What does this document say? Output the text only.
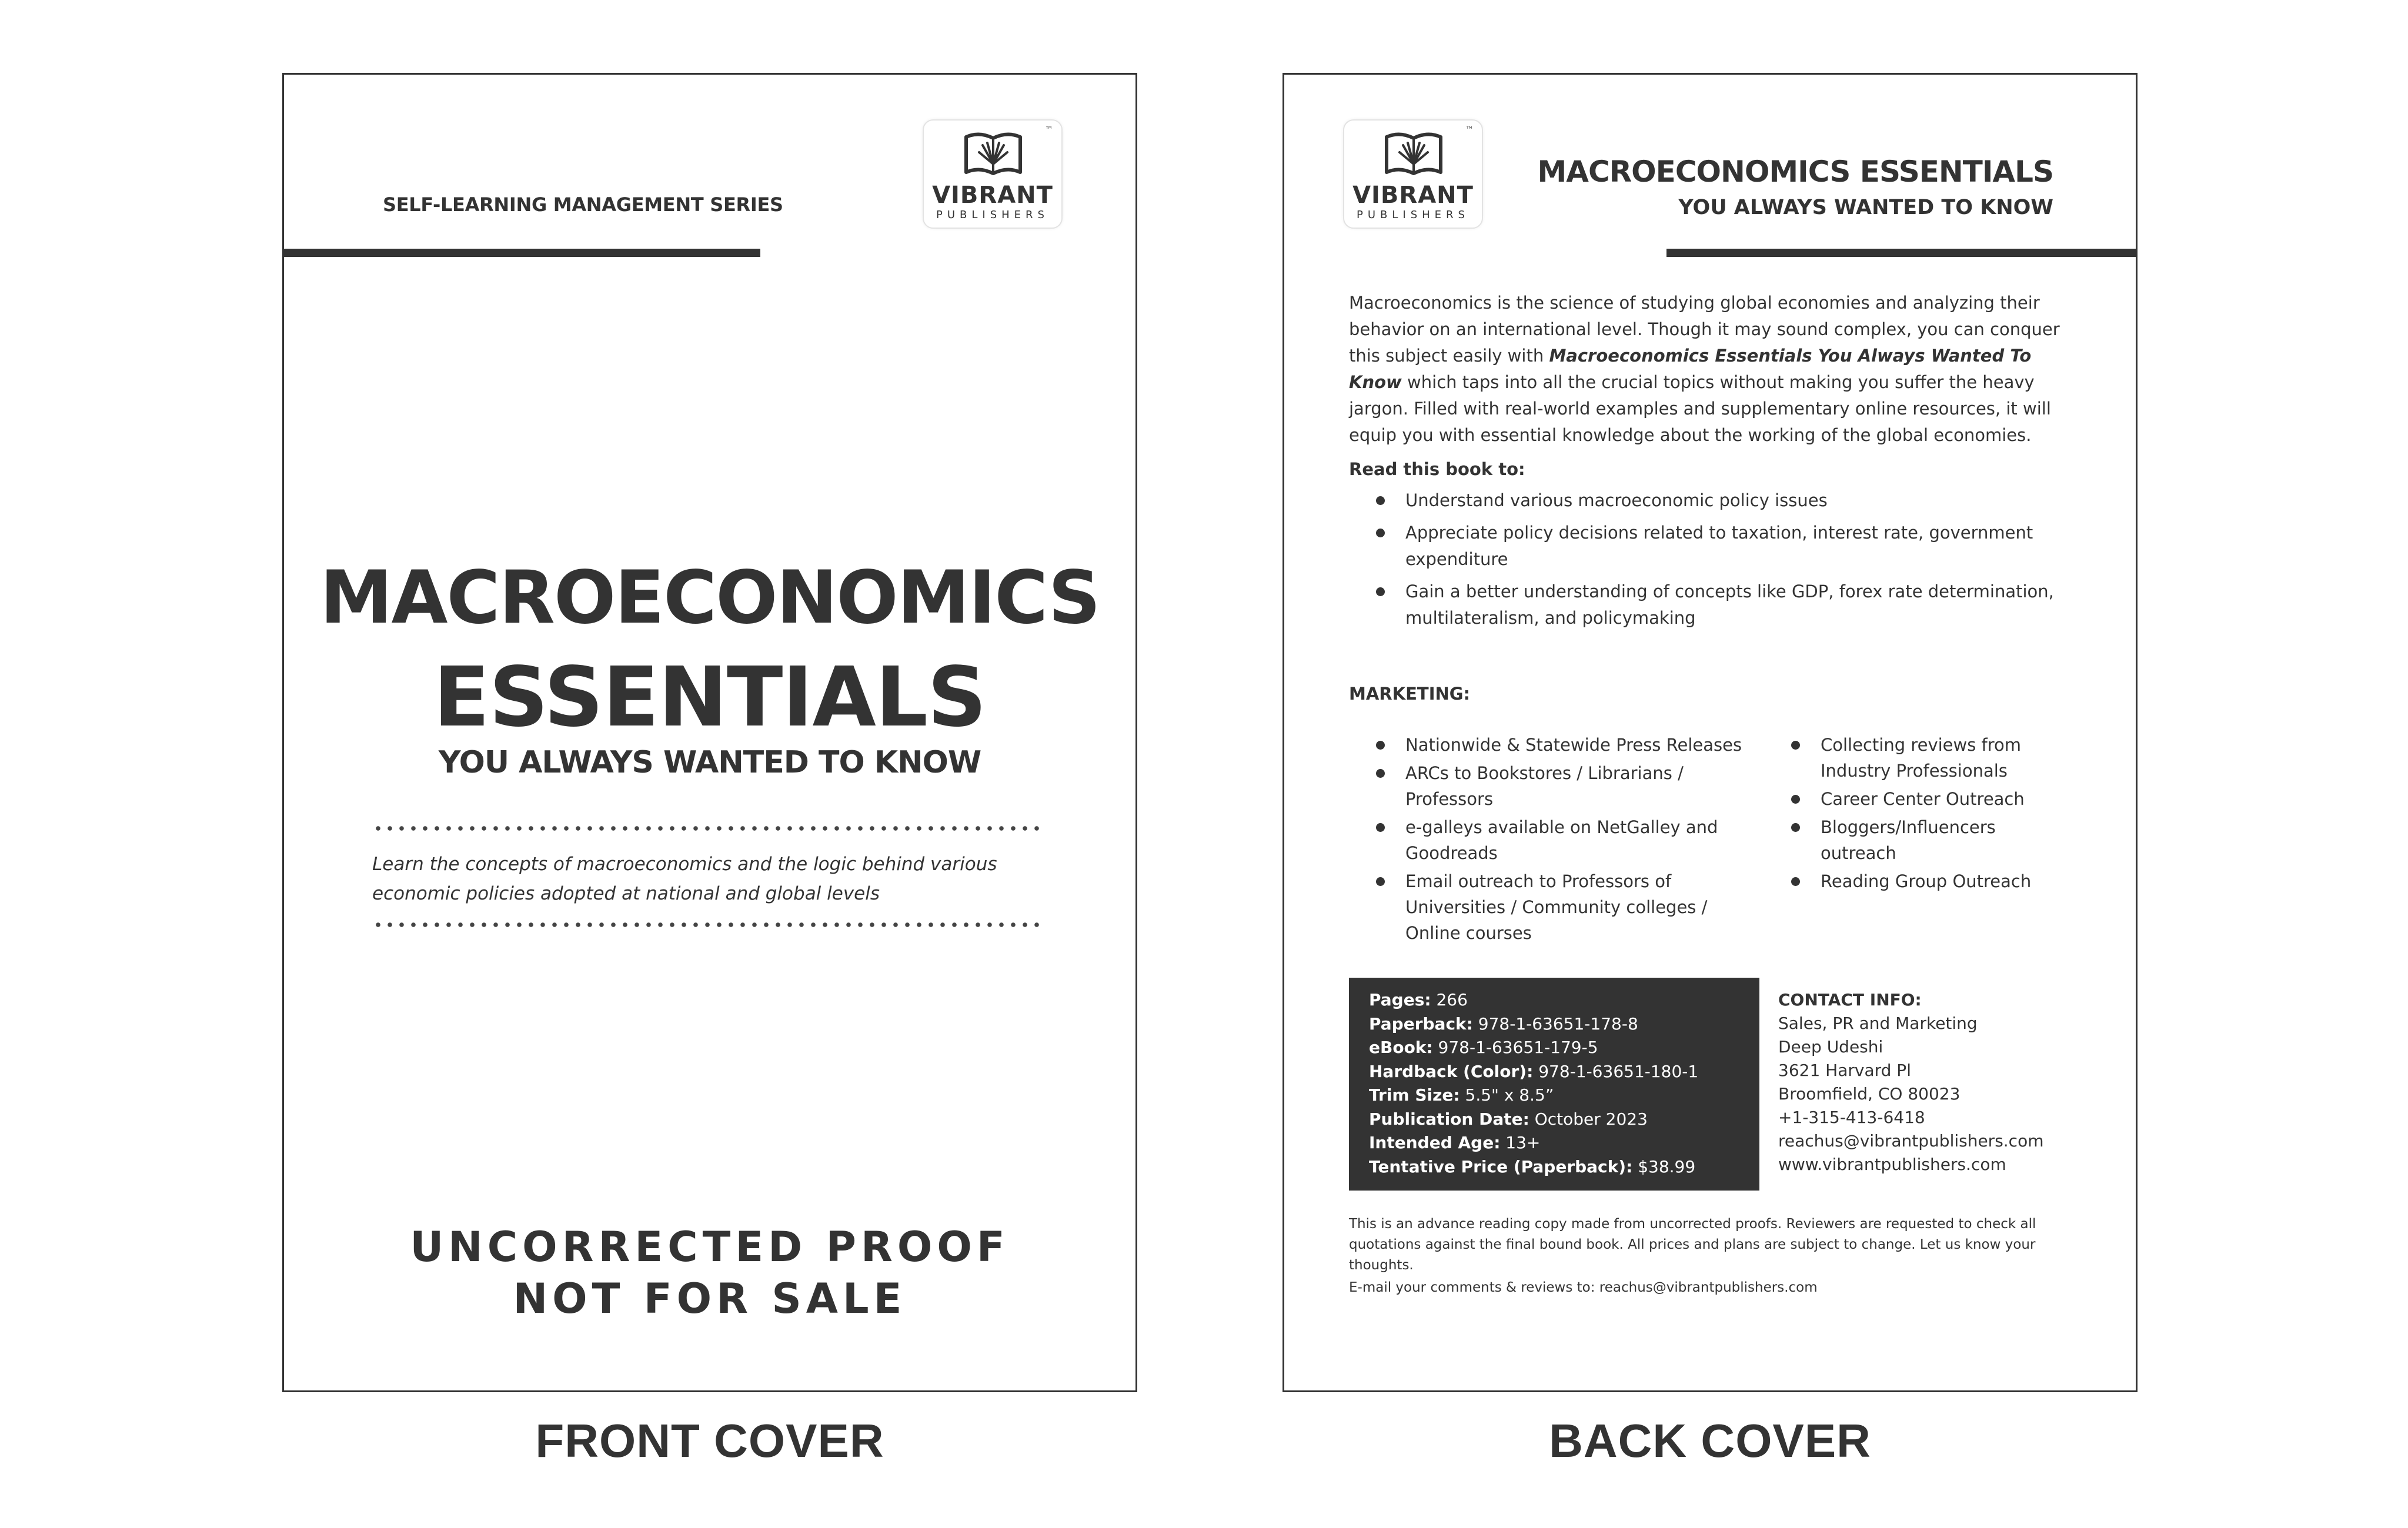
SELF-LEARNING MANAGEMENT SERIES
™
VIBRANT
PUBLISHERS
MACROECONOMICS
ESSENTIALS
YOU ALWAYS WANTED TO KNOW
Learn the concepts of macroeconomics and the logic behind various
economic policies adopted at national and global levels
UNCORRECTED PROOF
NOT FOR SALE
FRONT COVER
™
VIBRANT
PUBLISHERS
MACROECONOMICS ESSENTIALS
YOU ALWAYS WANTED TO KNOW
Macroeconomics is the science of studying global economies and analyzing their behavior on an international level. Though it may sound complex, you can conquer this subject easily with Macroeconomics Essentials You Always Wanted To Know which taps into all the crucial topics without making you suffer the heavy jargon. Filled with real-world examples and supplementary online resources, it will equip you with essential knowledge about the working of the global economies.
Read this book to:
Understand various macroeconomic policy issues
Appreciate policy decisions related to taxation, interest rate, government expenditure
Gain a better understanding of concepts like GDP, forex rate determination, multilateralism, and policymaking
MARKETING:
Nationwide & Statewide Press Releases
ARCs to Bookstores / Librarians / Professors
e-galleys available on NetGalley and Goodreads
Email outreach to Professors of Universities / Community colleges / Online courses
Collecting reviews from Industry Professionals
Career Center Outreach
Bloggers/Influencers outreach
Reading Group Outreach
Pages: 266
Paperback: 978-1-63651-178-8
eBook: 978-1-63651-179-5
Hardback (Color): 978-1-63651-180-1
Trim Size: 5.5" x 8.5”
Publication Date: October 2023
Intended Age: 13+
Tentative Price (Paperback): $38.99
CONTACT INFO:
Sales, PR and Marketing
Deep Udeshi
3621 Harvard Pl
Broomfield, CO 80023
+1-315-413-6418
reachus@vibrantpublishers.com
www.vibrantpublishers.com
This is an advance reading copy made from uncorrected proofs. Reviewers are requested to check all quotations against the final bound book. All prices and plans are subject to change. Let us know your thoughts.
E-mail your comments & reviews to: reachus@vibrantpublishers.com
BACK COVER
